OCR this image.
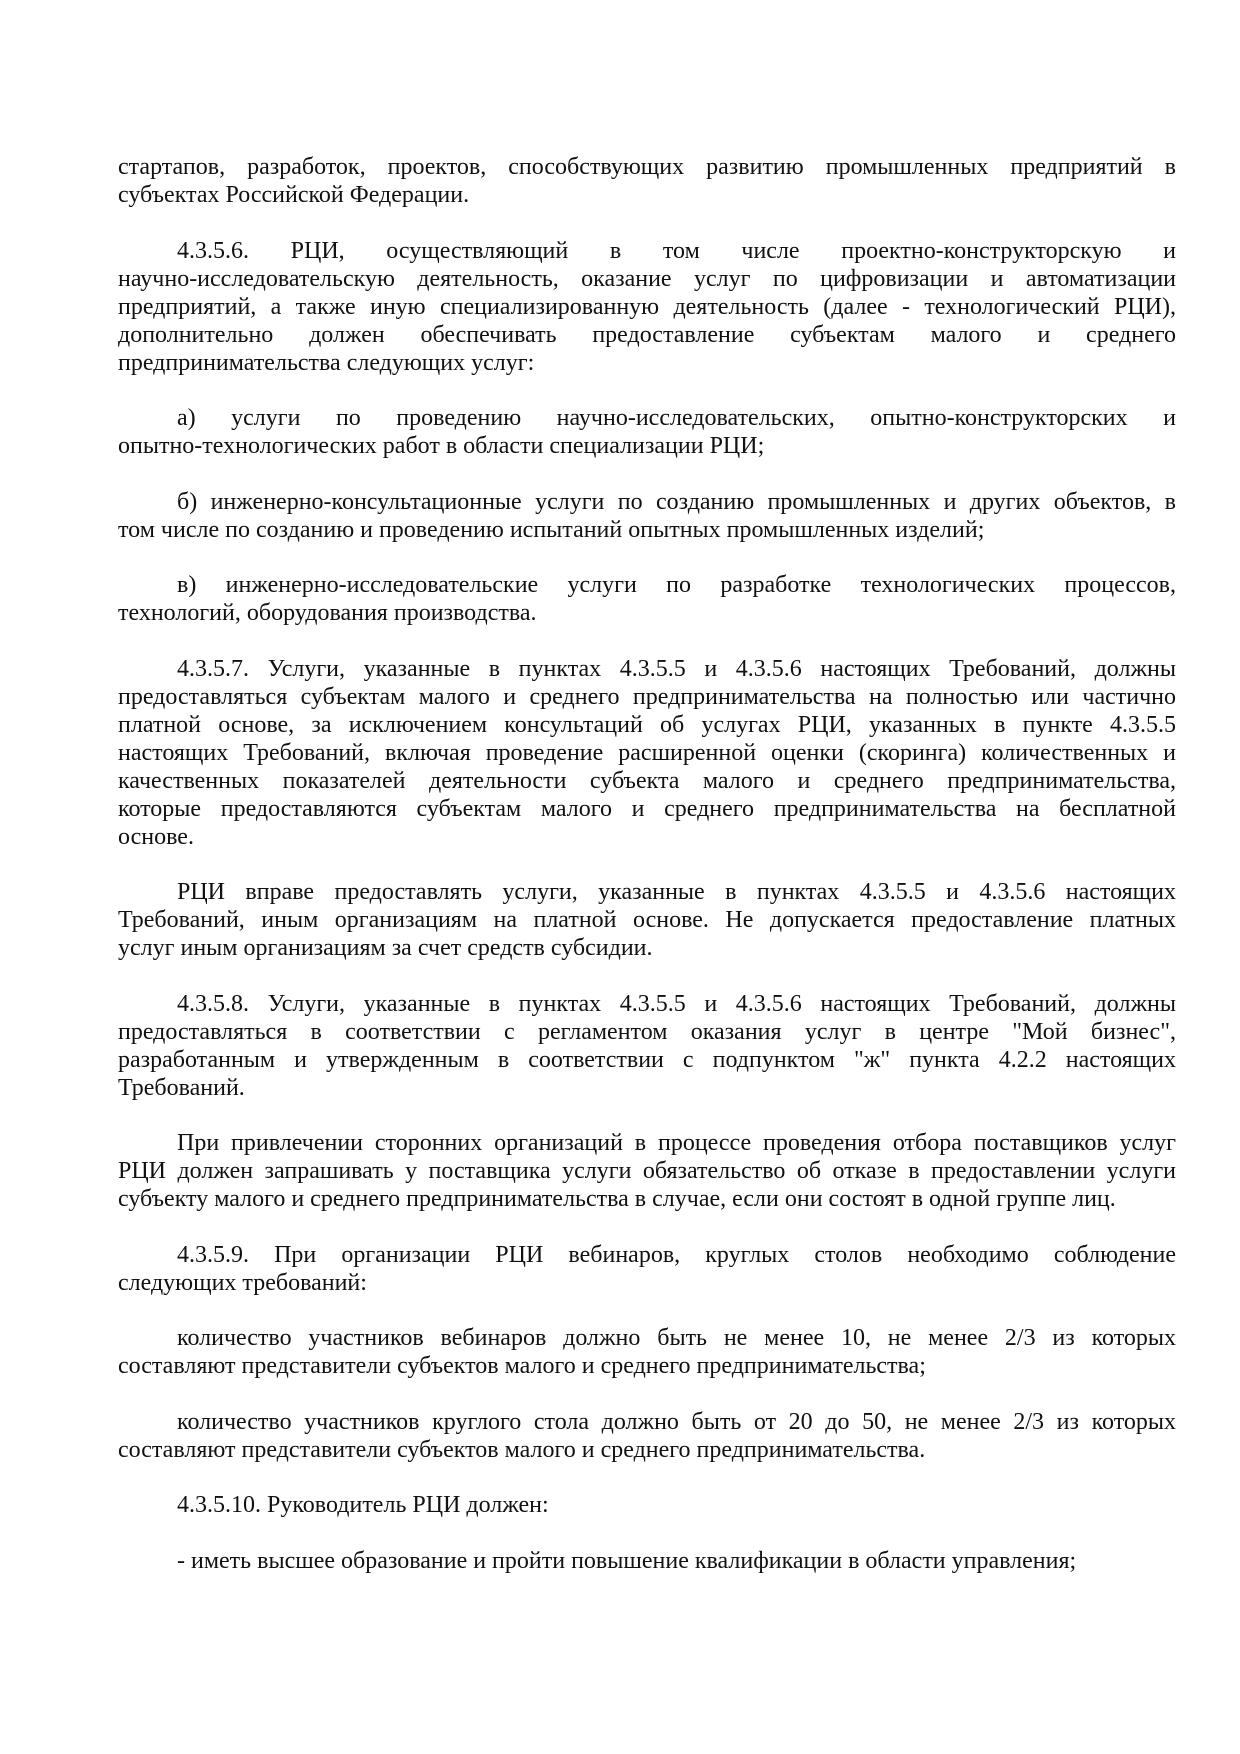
стартапов, разработок, проектов, способствующих развитию промышленных предприятий в
субъектах Российской Федерации.
4.3.5.6. РЦИ, осуществляющий в том числе проектно-конструкторскую и
научно-исследовательскую деятельность, оказание услуг по цифровизации и автоматизации
предприятий, а также иную специализированную деятельность (далее - технологический РЦИ),
дополнительно должен обеспечивать предоставление субъектам малого и среднего
предпринимательства следующих услуг:
а) услуги по проведению научно-исследовательских, опытно-конструкторских и
опытно-технологических работ в области специализации РЦИ;
б) инженерно-консультационные услуги по созданию промышленных и других объектов, в
том числе по созданию и проведению испытаний опытных промышленных изделий;
в) инженерно-исследовательские услуги по разработке технологических процессов,
технологий, оборудования производства.
4.3.5.7. Услуги, указанные в пунктах 4.3.5.5 и 4.3.5.6 настоящих Требований, должны
предоставляться субъектам малого и среднего предпринимательства на полностью или частично
платной основе, за исключением консультаций об услугах РЦИ, указанных в пункте 4.3.5.5
настоящих Требований, включая проведение расширенной оценки (скоринга) количественных и
качественных показателей деятельности субъекта малого и среднего предпринимательства,
которые предоставляются субъектам малого и среднего предпринимательства на бесплатной
основе.
РЦИ вправе предоставлять услуги, указанные в пунктах 4.3.5.5 и 4.3.5.6 настоящих
Требований, иным организациям на платной основе. Не допускается предоставление платных
услуг иным организациям за счет средств субсидии.
4.3.5.8. Услуги, указанные в пунктах 4.3.5.5 и 4.3.5.6 настоящих Требований, должны
предоставляться в соответствии с регламентом оказания услуг в центре "Мой бизнес",
разработанным и утвержденным в соответствии с подпунктом "ж" пункта 4.2.2 настоящих
Требований.
При привлечении сторонних организаций в процессе проведения отбора поставщиков услуг
РЦИ должен запрашивать у поставщика услуги обязательство об отказе в предоставлении услуги
субъекту малого и среднего предпринимательства в случае, если они состоят в одной группе лиц.
4.3.5.9. При организации РЦИ вебинаров, круглых столов необходимо соблюдение
следующих требований:
количество участников вебинаров должно быть не менее 10, не менее 2/3 из которых
составляют представители субъектов малого и среднего предпринимательства;
количество участников круглого стола должно быть от 20 до 50, не менее 2/3 из которых
составляют представители субъектов малого и среднего предпринимательства.
4.3.5.10. Руководитель РЦИ должен:
- иметь высшее образование и пройти повышение квалификации в области управления;
